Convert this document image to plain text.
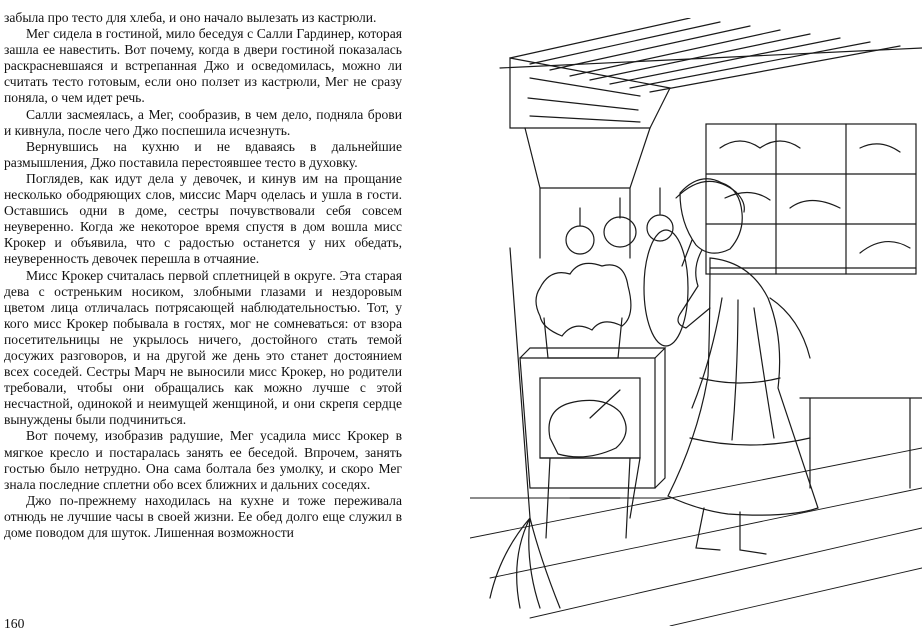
забыла про тесто для хлеба, и оно начало вылезать из кастрюли.

Мег сидела в гостиной, мило беседуя с Салли Гардинер, которая зашла ее навестить. Вот почему, когда в двери гостиной показалась раскрасневшаяся и встрепанная Джо и осведомилась, можно ли считать тесто готовым, если оно ползет из кастрюли, Мег не сразу поняла, о чем идет речь.

Салли засмеялась, а Мег, сообразив, в чем дело, подняла брови и кивнула, после чего Джо поспешила исчезнуть.

Вернувшись на кухню и не вдаваясь в дальнейшие размышления, Джо поставила перестоявшее тесто в духовку.

Поглядев, как идут дела у девочек, и кинув им на прощание несколько ободряющих слов, миссис Марч оделась и ушла в гости. Оставшись одни в доме, сестры почувствовали себя совсем неуверенно. Когда же некоторое время спустя в дом вошла мисс Крокер и объявила, что с радостью останется у них обедать, неуверенность девочек перешла в отчаяние.

Мисс Крокер считалась первой сплетницей в округе. Эта старая дева с остреньким носиком, злобными глазами и нездоровым цветом лица отличалась потрясающей наблюдательностью. Тот, у кого мисс Крокер побывала в гостях, мог не сомневаться: от взора посетительницы не укрылось ничего, достойного стать темой досужих разговоров, и на другой же день это станет достоянием всех соседей. Сестры Марч не выносили мисс Крокер, но родители требовали, чтобы они обращались как можно лучше с этой несчастной, одинокой и неимущей женщиной, и они скрепя сердце вынуждены были подчиниться.

Вот почему, изобразив радушие, Мег усадила мисс Крокер в мягкое кресло и постаралась занять ее беседой. Впрочем, занять гостью было нетрудно. Она сама болтала без умолку, и скоро Мег знала последние сплетни обо всех ближних и дальних соседях.

Джо по-прежнему находилась на кухне и тоже переживала отнюдь не лучшие часы в своей жизни. Ее обед долго еще служил в доме поводом для шуток. Лишенная возможности

160
